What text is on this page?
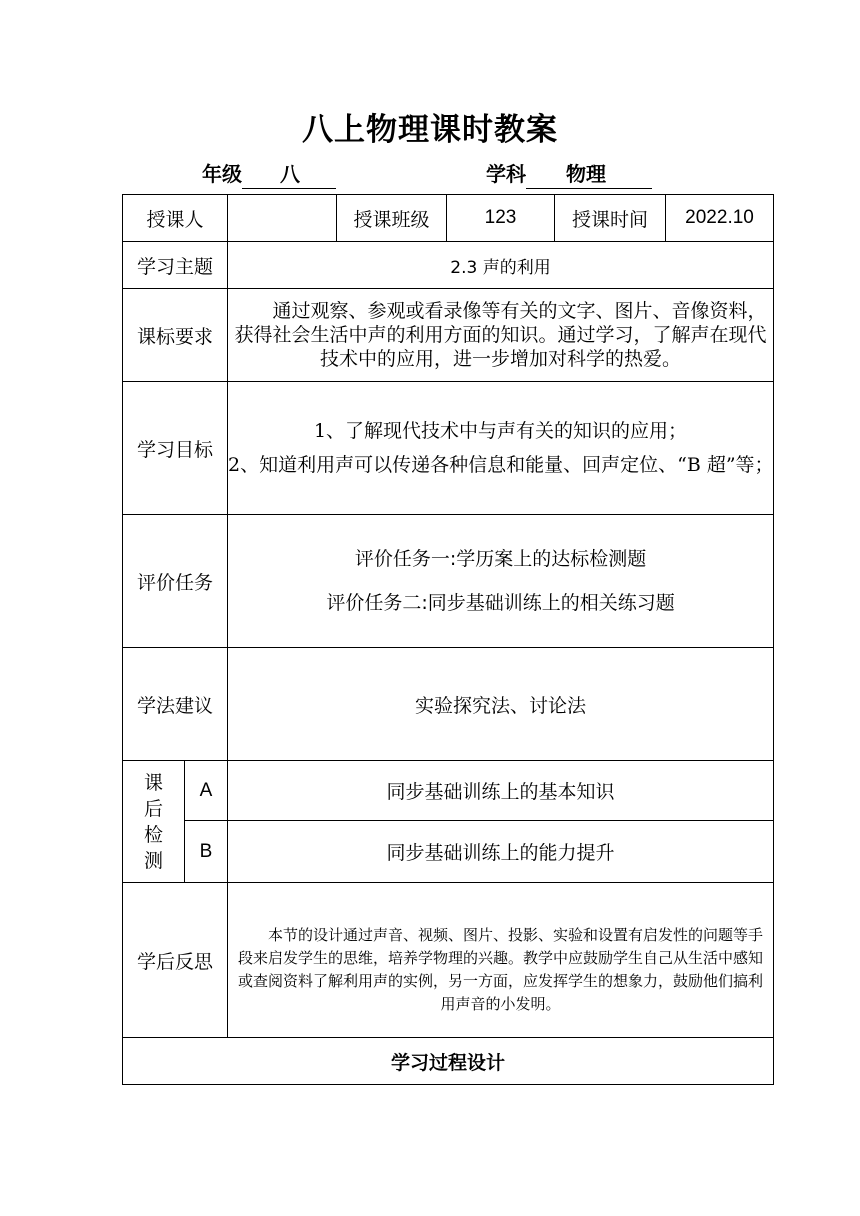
八上物理课时教案
年级 八	学科 物理
授课人			授课班级	123	授课时间	2022.10
学习主题		2.3 声的利用				
课标要求		通过观察、参观或看录像等有关的文字、图片、音像资料，获得社会生活中声的利用方面的知识。通过学习，了解声在现代技术中的应用，进一步增加对科学的热爱。				

学习目标		1、了解现代技术中与声有关的知识的应用；
2、知道利用声可以传递各种信息和能量、回声定位、“B 超”等；				

评价任务		评价任务一:学历案上的达标检测题
评价任务二:同步基础训练上的相关练习题				

学法建议		实验探究法、讨论法				

课
后
检
测	A	同步基础训练上的基本知识				
	B	同步基础训练上的能力提升				
学后反思		本节的设计通过声音、视频、图片、投影、实验和设置有启发性的问题等手段来启发学生的思维，培养学物理的兴趣。教学中应鼓励学生自己从生活中感知或查阅资料了解利用声的实例，另一方面，应发挥学生的想象力，鼓励他们搞利用声音的小发明。				

学习过程设计						
